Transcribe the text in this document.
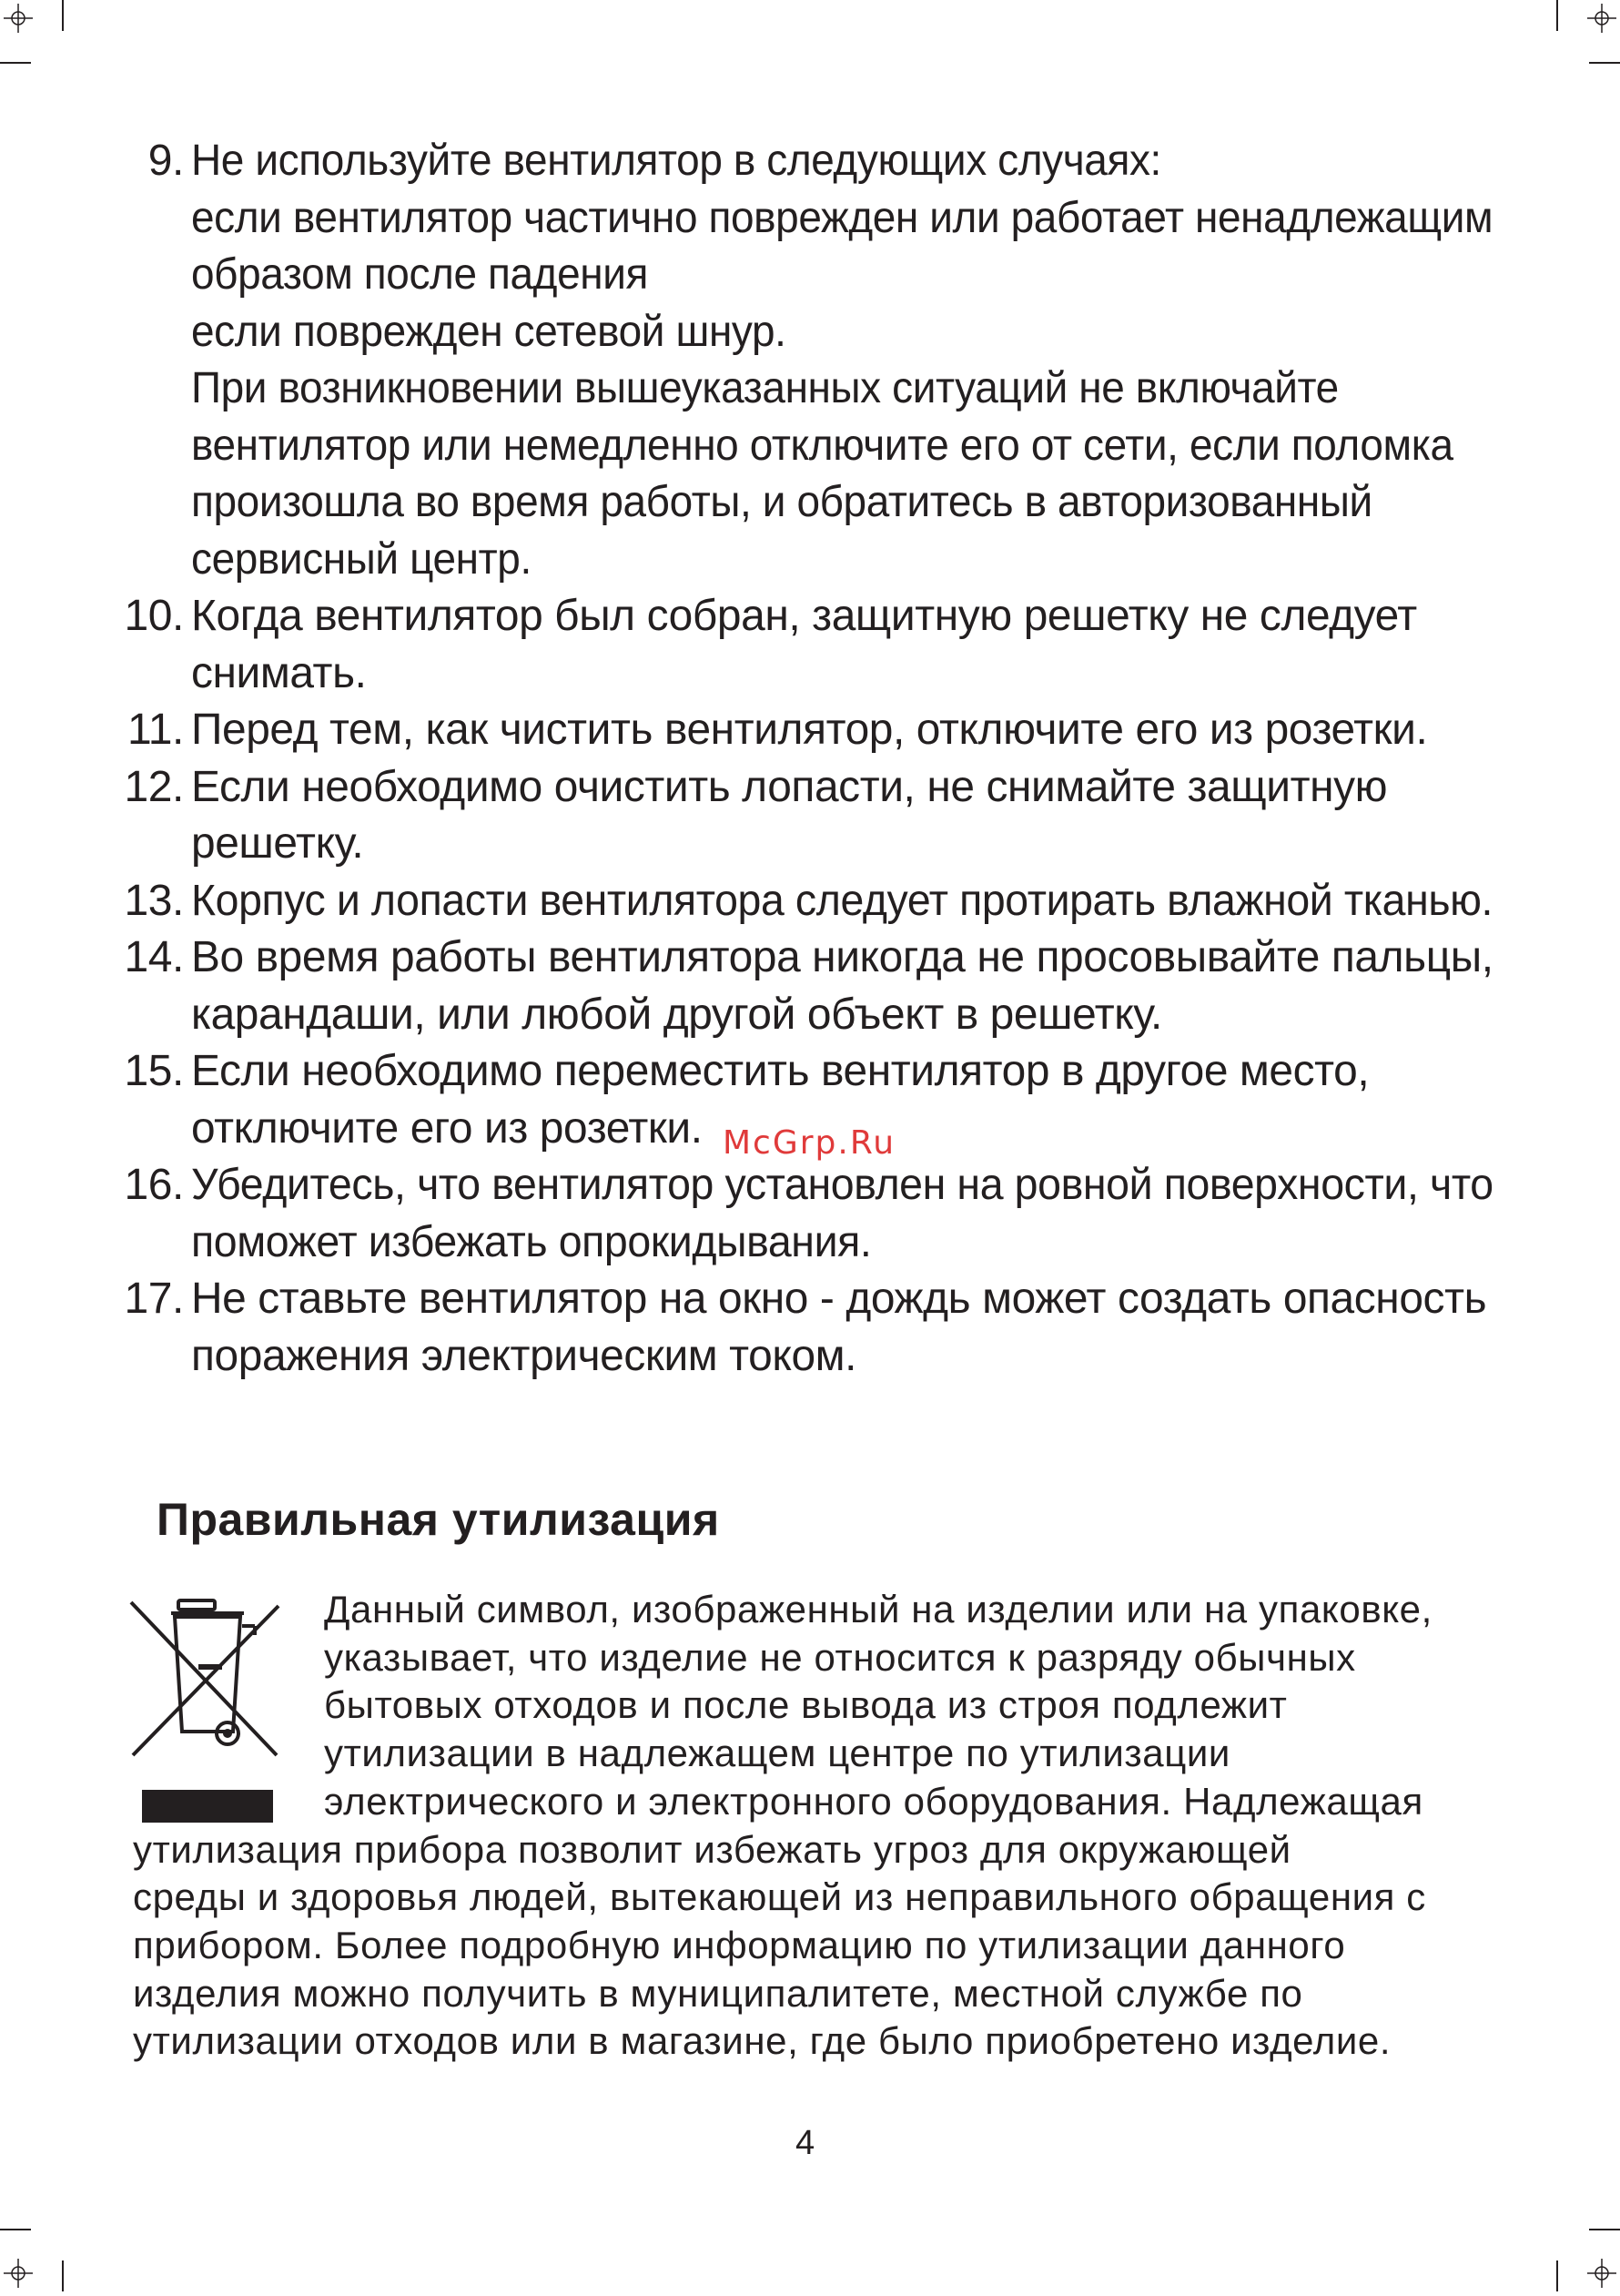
9. Не используйте вентилятор в следующих случаях:
если вентилятор частично поврежден или работает ненадлежащим
образом после падения
если поврежден сетевой шнур.
При возникновении вышеуказанных ситуаций не включайте
вентилятор или немедленно отключите его от сети, если поломка
произошла во время работы, и обратитесь в авторизованный
сервисный центр.
10. Когда вентилятор был собран, защитную решетку не следует
снимать.
11. Перед тем, как чистить вентилятор, отключите его из розетки.
12. Если необходимо очистить лопасти, не снимайте защитную
решетку.
13. Корпус и лопасти вентилятора следует протирать влажной тканью.
14. Во время работы вентилятора никогда не просовывайте пальцы,
карандаши, или любой другой объект в решетку.
15. Если необходимо переместить вентилятор в другое место,
отключите его из розетки.
16. Убедитесь, что вентилятор установлен на ровной поверхности, что
поможет избежать опрокидывания.
17. Не ставьте вентилятор на окно - дождь может создать опасность
поражения электрическим током.
McGrp.Ru
Правильная утилизация
Данный символ, изображенный на изделии или на упаковке,
указывает, что изделие не относится к разряду обычных
бытовых отходов и после вывода из строя подлежит
утилизации в надлежащем центре по утилизации
электрического и электронного оборудования. Надлежащая
утилизация прибора позволит избежать угроз для окружающей
среды и здоровья людей, вытекающей из неправильного обращения с
прибором. Более подробную информацию по утилизации данного
изделия можно получить в муниципалитете, местной службе по
утилизации отходов или в магазине, где было приобретено изделие.
4
